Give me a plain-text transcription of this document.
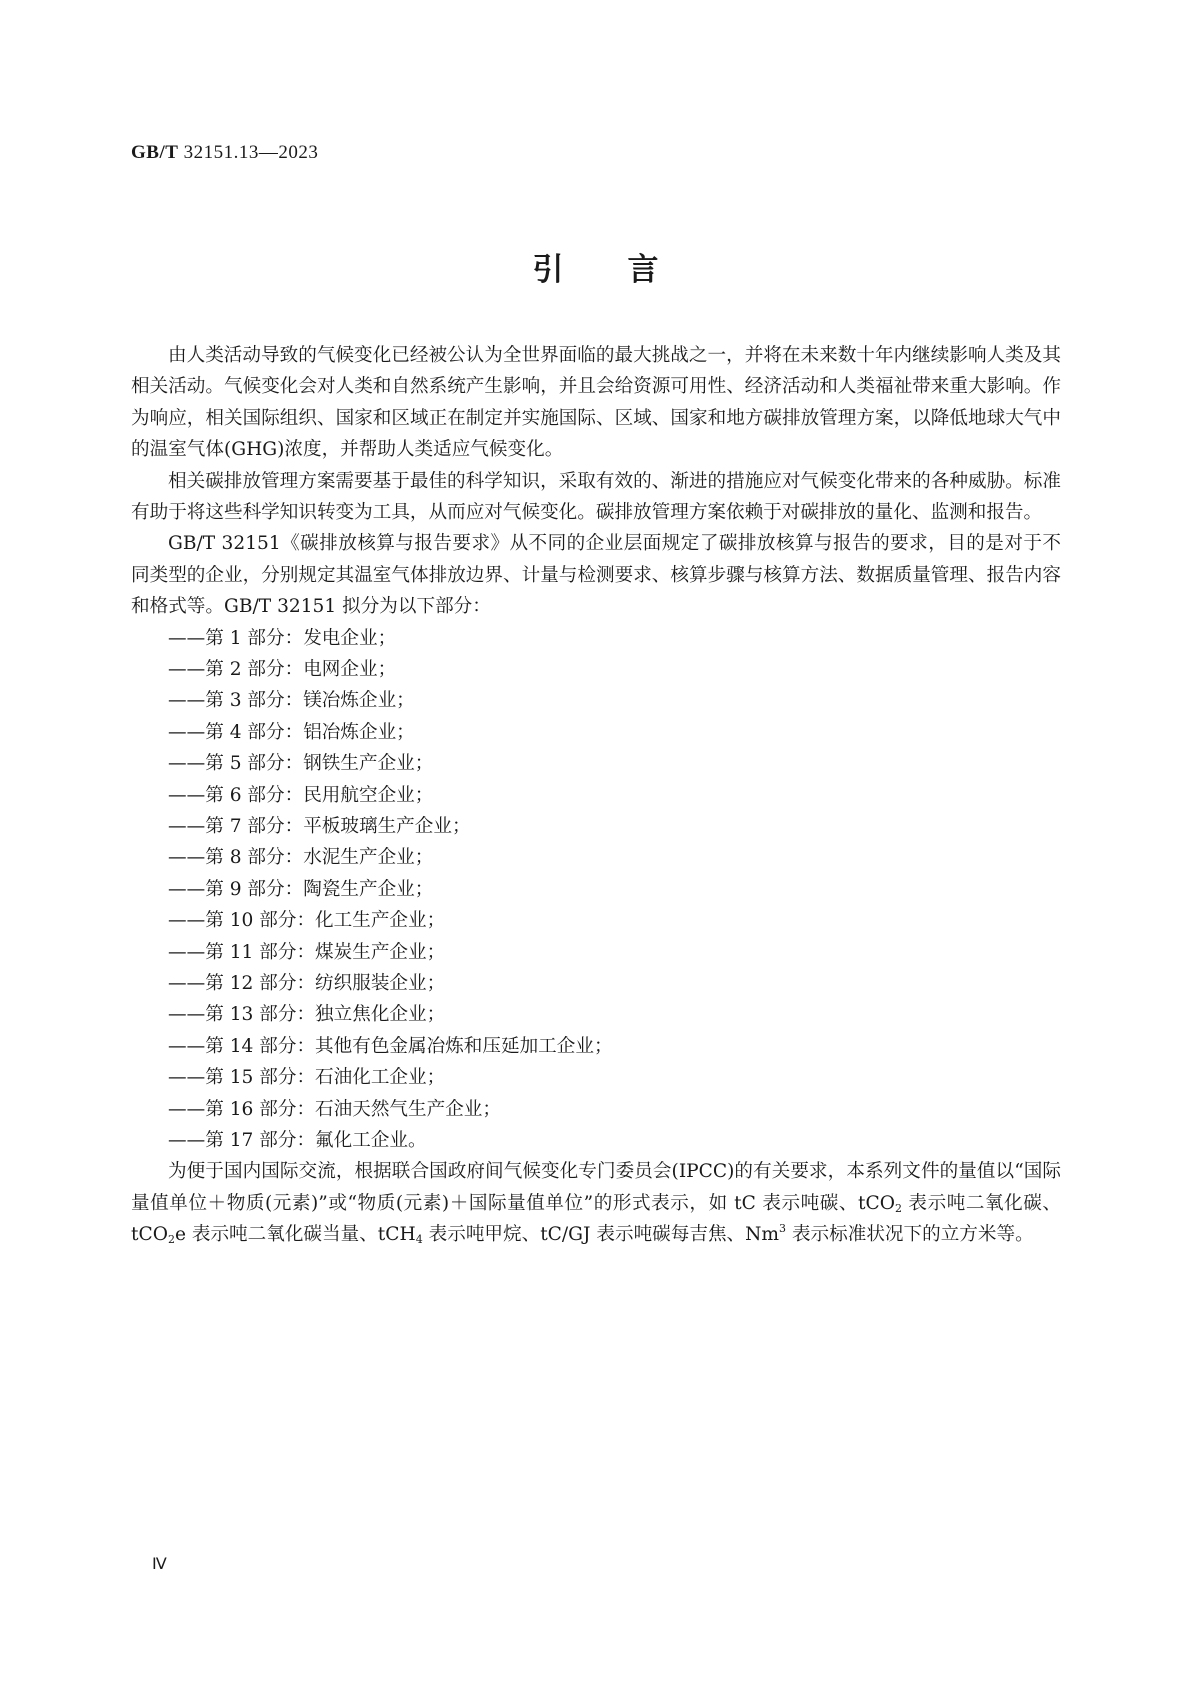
GB/T 32151.13—2023
引言

由人类活动导致的气候变化已经被公认为全世界面临的最大挑战之一，并将在未来数十年内继续影响人类及其相关活动。气候变化会对人类和自然系统产生影响，并且会给资源可用性、经济活动和人类福祉带来重大影响。作为响应，相关国际组织、国家和区域正在制定并实施国际、区域、国家和地方碳排放管理方案，以降低地球大气中的温室气体(GHG)浓度，并帮助人类适应气候变化。

相关碳排放管理方案需要基于最佳的科学知识，采取有效的、渐进的措施应对气候变化带来的各种威胁。标准有助于将这些科学知识转变为工具，从而应对气候变化。碳排放管理方案依赖于对碳排放的量化、监测和报告。

GB/T 32151《碳排放核算与报告要求》从不同的企业层面规定了碳排放核算与报告的要求，目的是对于不同类型的企业，分别规定其温室气体排放边界、计量与检测要求、核算步骤与核算方法、数据质量管理、报告内容和格式等。GB/T 32151 拟分为以下部分：

——第 1 部分：发电企业；
——第 2 部分：电网企业；
——第 3 部分：镁冶炼企业；
——第 4 部分：铝冶炼企业；
——第 5 部分：钢铁生产企业；
——第 6 部分：民用航空企业；
——第 7 部分：平板玻璃生产企业；
——第 8 部分：水泥生产企业；
——第 9 部分：陶瓷生产企业；
——第 10 部分：化工生产企业；
——第 11 部分：煤炭生产企业；
——第 12 部分：纺织服装企业；
——第 13 部分：独立焦化企业；
——第 14 部分：其他有色金属冶炼和压延加工企业；
——第 15 部分：石油化工企业；
——第 16 部分：石油天然气生产企业；
——第 17 部分：氟化工企业。

为便于国内国际交流，根据联合国政府间气候变化专门委员会(IPCC)的有关要求，本系列文件的量值以“国际量值单位＋物质(元素)”或“物质(元素)＋国际量值单位”的形式表示，如 tC 表示吨碳、tCO$_2$ 表示吨二氧化碳、tCO$_2$e 表示吨二氧化碳当量、tCH$_4$ 表示吨甲烷、tC/GJ 表示吨碳每吉焦、Nm$^3$ 表示标准状况下的立方米等。

Ⅳ
